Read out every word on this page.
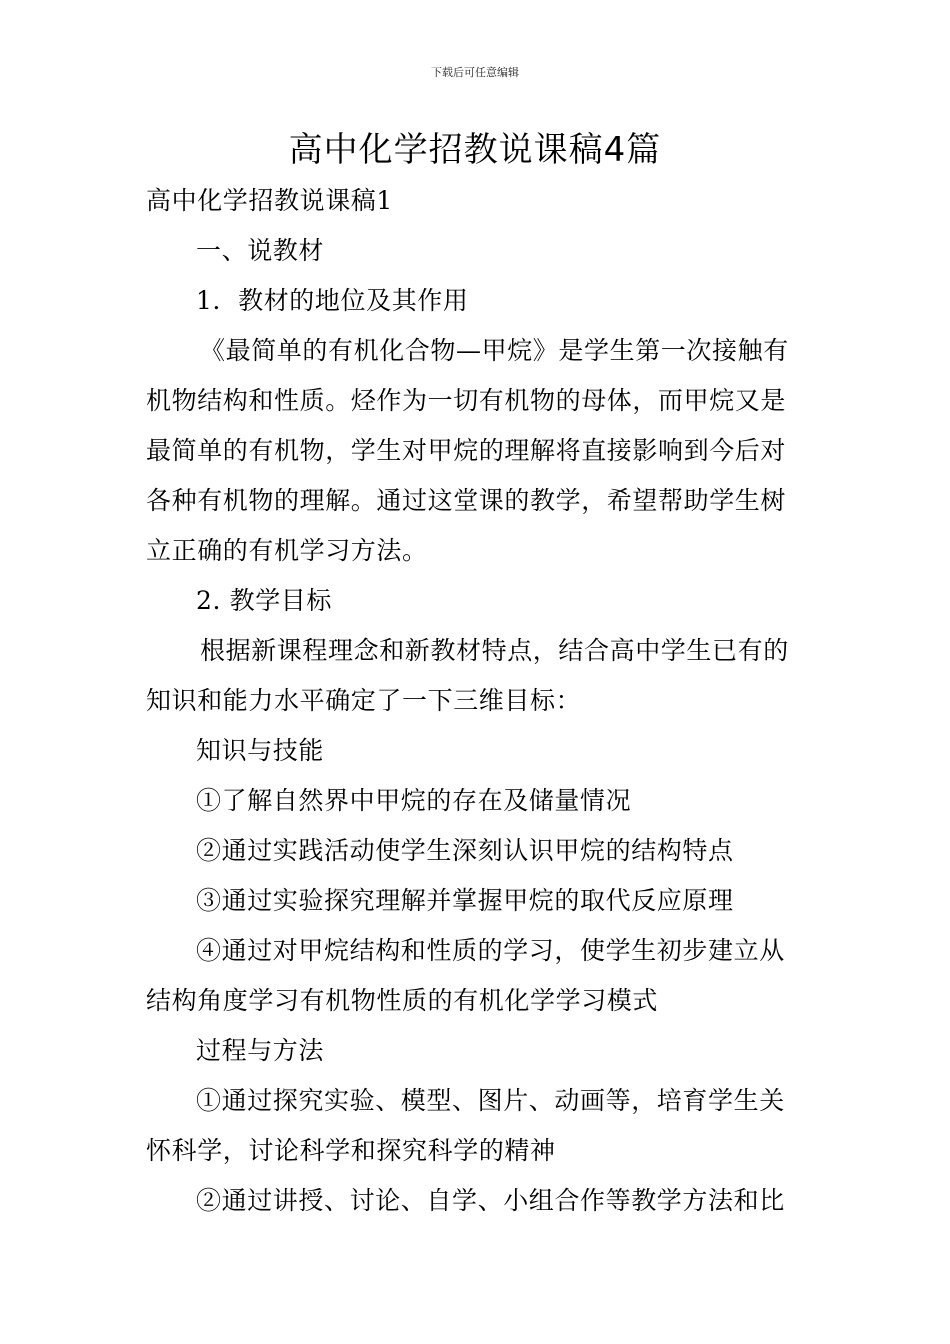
下载后可任意编辑
高中化学招教说课稿4篇

高中化学招教说课稿1

一、说教材

1．教材的地位及其作用

《最简单的有机化合物—甲烷》是学生第一次接触有机物结构和性质。烃作为一切有机物的母体，而甲烷又是最简单的有机物，学生对甲烷的理解将直接影响到今后对各种有机物的理解。通过这堂课的教学，希望帮助学生树立正确的有机学习方法。

2. 教学目标

根据新课程理念和新教材特点，结合高中学生已有的知识和能力水平确定了一下三维目标：

知识与技能

①了解自然界中甲烷的存在及储量情况

②通过实践活动使学生深刻认识甲烷的结构特点

③通过实验探究理解并掌握甲烷的取代反应原理

④通过对甲烷结构和性质的学习，使学生初步建立从结构角度学习有机物性质的有机化学学习模式

过程与方法

①通过探究实验、模型、图片、动画等，培育学生关怀科学，讨论科学和探究科学的精神

②通过讲授、讨论、自学、小组合作等教学方法和比
